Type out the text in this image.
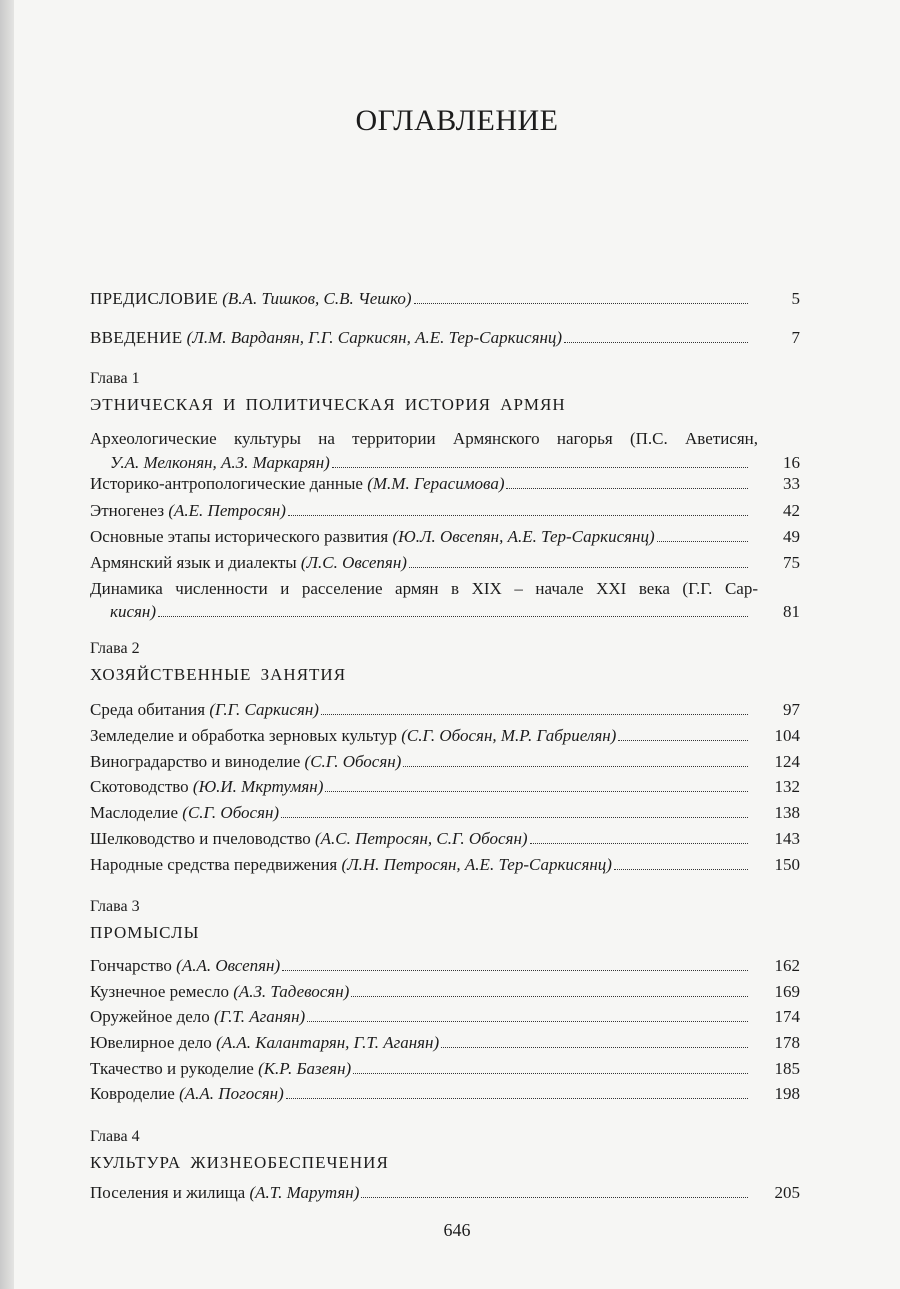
ОГЛАВЛЕНИЕ
ПРЕДИСЛОВИЕ (В.А. Тишков, С.В. Чешко)	5
ВВЕДЕНИЕ (Л.М. Варданян, Г.Г. Саркисян, А.Е. Тер-Саркисянц)	7
Глава 1
ЭТНИЧЕСКАЯ И ПОЛИТИЧЕСКАЯ ИСТОРИЯ АРМЯН
Археологические культуры на территории Армянского нагорья (П.С. Аветисян,
У.А. Мелконян, А.З. Маркарян)	16
Историко-антропологические данные (М.М. Герасимова)	33
Этногенез (А.Е. Петросян)	42
Основные этапы исторического развития (Ю.Л. Овсепян, А.Е. Тер-Саркисянц)	49
Армянский язык и диалекты (Л.С. Овсепян)	75
Динамика численности и расселение армян в XIX – начале XXI века (Г.Г. Сар-
кисян)	81
Глава 2
ХОЗЯЙСТВЕННЫЕ ЗАНЯТИЯ
Среда обитания (Г.Г. Саркисян)	97
Земледелие и обработка зерновых культур (С.Г. Обосян, М.Р. Габриелян)	104
Виноградарство и виноделие (С.Г. Обосян)	124
Скотоводство (Ю.И. Мкртумян)	132
Маслоделие (С.Г. Обосян)	138
Шелководство и пчеловодство (А.С. Петросян, С.Г. Обосян)	143
Народные средства передвижения (Л.Н. Петросян, А.Е. Тер-Саркисянц)	150
Глава 3
ПРОМЫСЛЫ
Гончарство (А.А. Овсепян)	162
Кузнечное ремесло (А.З. Тадевосян)	169
Оружейное дело (Г.Т. Аганян)	174
Ювелирное дело (А.А. Калантарян, Г.Т. Аганян)	178
Ткачество и рукоделие (К.Р. Базеян)	185
Ковроделие (А.А. Погосян)	198
Глава 4
КУЛЬТУРА ЖИЗНЕОБЕСПЕЧЕНИЯ
Поселения и жилища (А.Т. Марутян)	205
646
